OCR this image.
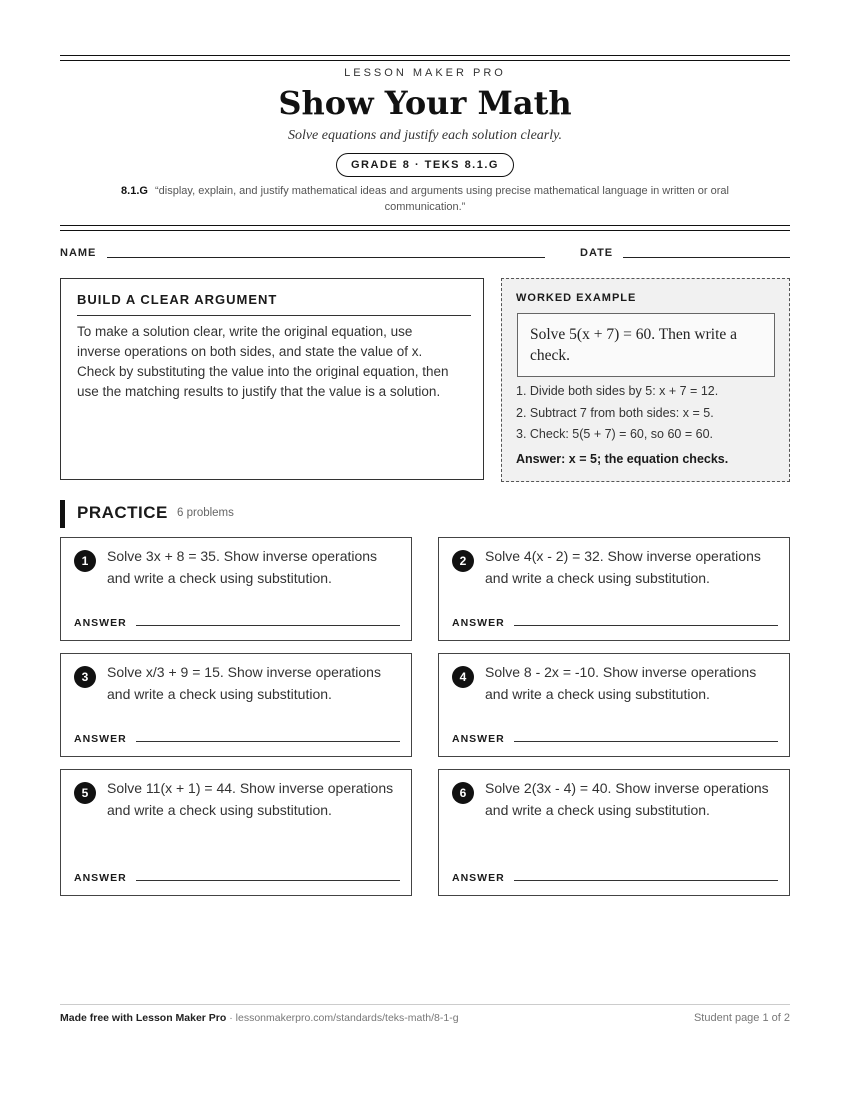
LESSON MAKER PRO
Show Your Math
Solve equations and justify each solution clearly.
GRADE 8 · TEKS 8.1.G
8.1.G “display, explain, and justify mathematical ideas and arguments using precise mathematical language in written or oral communication.”
NAME	DATE
BUILD A CLEAR ARGUMENT

To make a solution clear, write the original equation, use inverse operations on both sides, and state the value of x. Check by substituting the value into the original equation, then use the matching results to justify that the value is a solution.

WORKED EXAMPLE
Solve 5(x + 7) = 60. Then write a check.
1. Divide both sides by 5: x + 7 = 12.
2. Subtract 7 from both sides: x = 5.
3. Check: 5(5 + 7) = 60, so 60 = 60.
Answer: x = 5; the equation checks.
PRACTICE 6 problems
1	Solve 3x + 8 = 35. Show inverse operations and write a check using substitution.
ANSWER
2	Solve 4(x - 2) = 32. Show inverse operations and write a check using substitution.
ANSWER
3	Solve x/3 + 9 = 15. Show inverse operations and write a check using substitution.
ANSWER
4	Solve 8 - 2x = -10. Show inverse operations and write a check using substitution.
ANSWER
5	Solve 11(x + 1) = 44. Show inverse operations and write a check using substitution.
ANSWER
6	Solve 2(3x - 4) = 40. Show inverse operations and write a check using substitution.
ANSWER
Made free with Lesson Maker Pro · lessonmakerpro.com/standards/teks-math/8-1-g	Student page 1 of 2
